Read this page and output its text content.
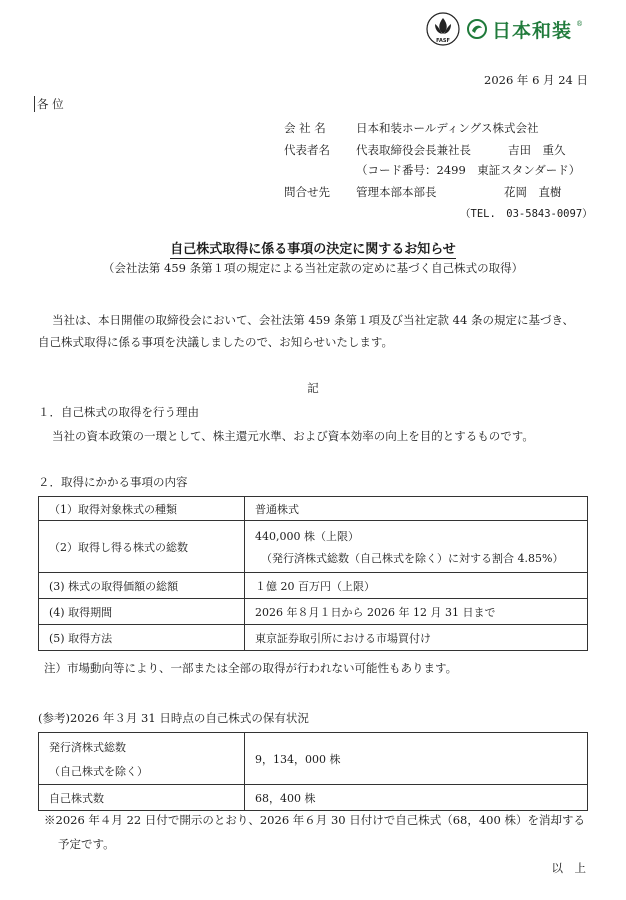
FASF 日本和装 ®
2026 年 6 月 24 日
各 位
会 社 名	日本和装ホールディングス株式会社
代表者名 代表取締役会長兼社長	吉田　重久
（コード番号：2499　東証スタンダード）
問合せ先 管理本部本部長	花岡　直樹
（TEL.　03-5843-0097）
自己株式取得に係る事項の決定に関するお知らせ
（会社法第 459 条第１項の規定による当社定款の定めに基づく自己株式の取得）
当社は、本日開催の取締役会において、会社法第 459 条第１項及び当社定款 44 条の規定に基づき、
自己株式取得に係る事項を決議しましたので、お知らせいたします。
記
１．自己株式の取得を行う理由
当社の資本政策の一環として、株主還元水準、および資本効率の向上を目的とするものです。
２．取得にかかる事項の内容
（1）取得対象株式の種類	普通株式
（2）取得し得る株式の総数	440,000 株（上限）
（発行済株式総数（自己株式を除く）に対する割合 4.85%）

(3) 株式の取得価額の総額	１億 20 百万円（上限）
(4) 取得期間	2026 年８月１日から 2026 年 12 月 31 日まで
(5) 取得方法	東京証券取引所における市場買付け
注）市場動向等により、一部または全部の取得が行われない可能性もあります。
(参考)2026 年３月 31 日時点の自己株式の保有状況
発行済株式総数
（自己株式を除く）	9，134，000 株
自己株式数	68，400 株
※2026 年４月 22 日付で開示のとおり、2026 年６月 30 日付けで自己株式（68，400 株）を消却する
予定です。
以　上
